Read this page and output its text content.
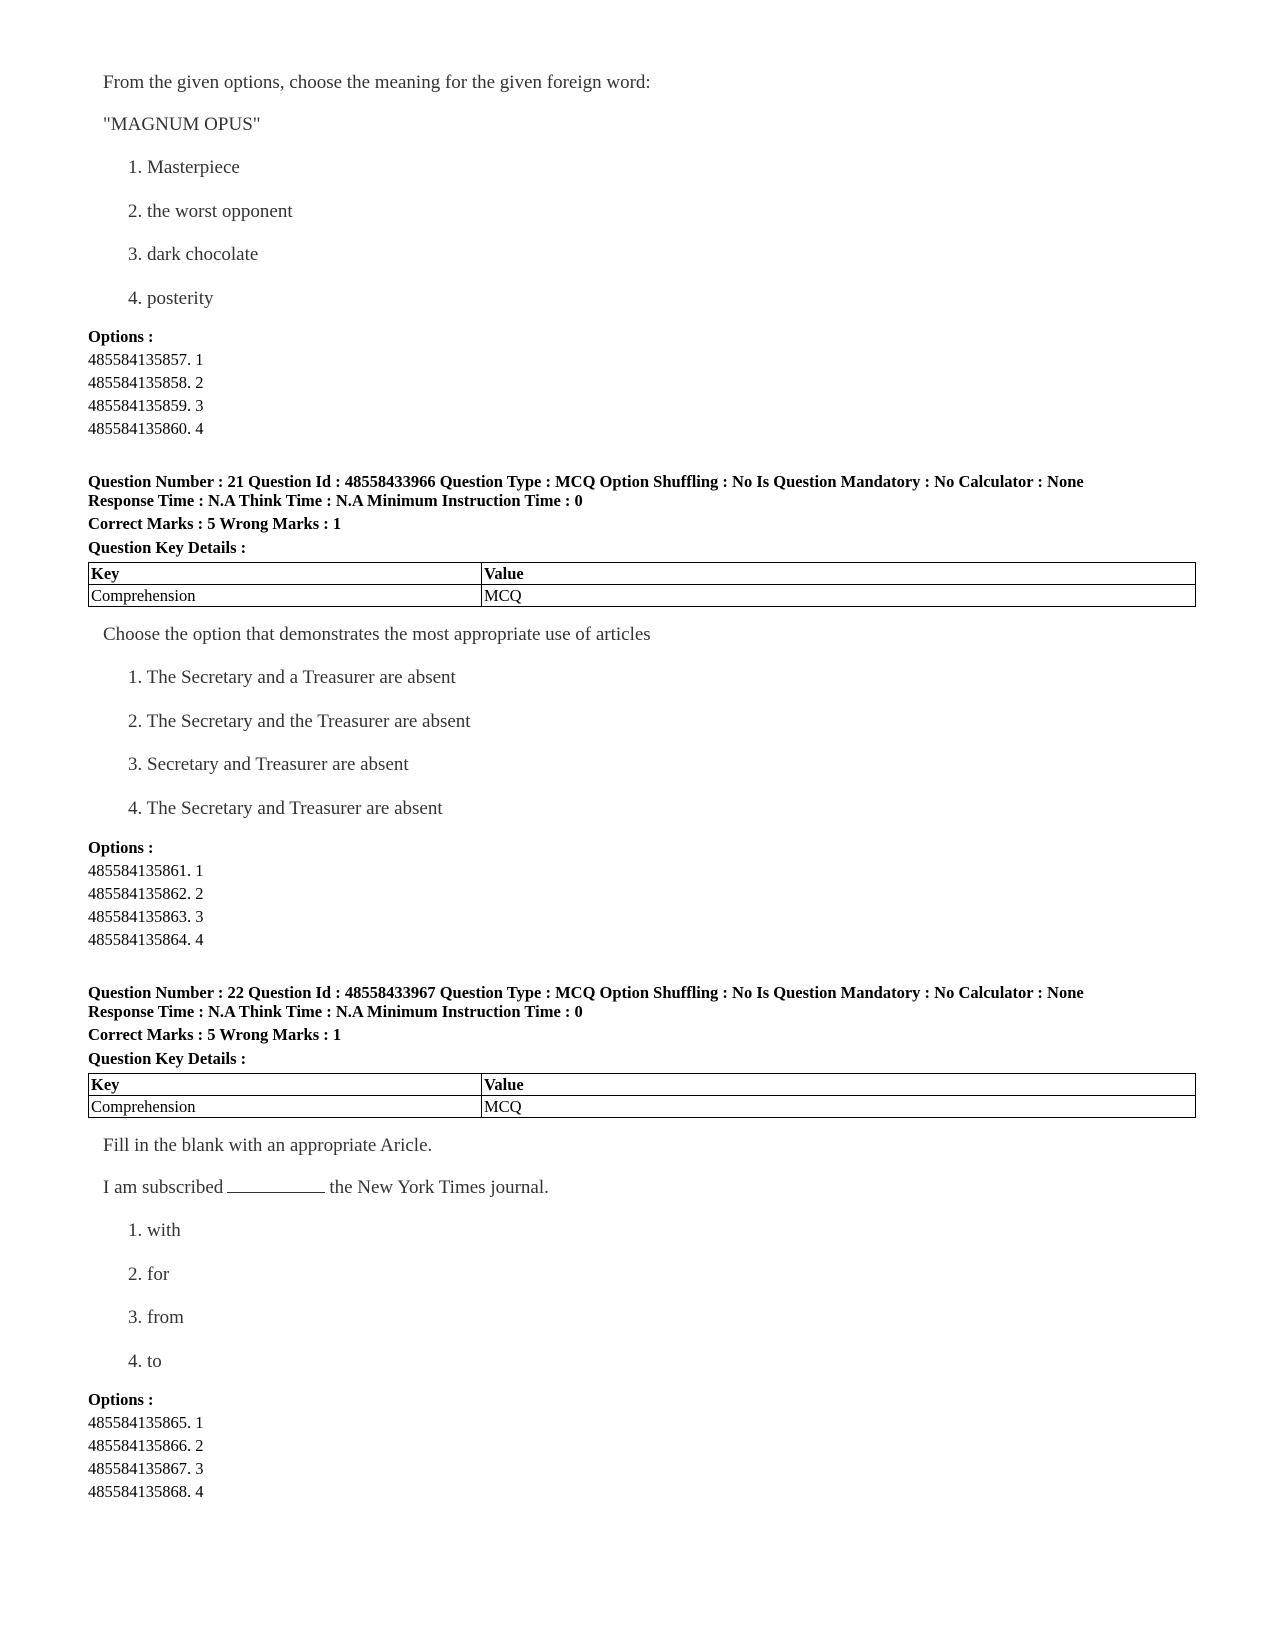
From the given options, choose the meaning for the given foreign word:
"MAGNUM OPUS"
1. Masterpiece
2. the worst opponent
3. dark chocolate
4. posterity
Options :
485584135857. 1
485584135858. 2
485584135859. 3
485584135860. 4
Question Number : 21 Question Id : 48558433966 Question Type : MCQ Option Shuffling : No Is Question Mandatory : No Calculator : None
Response Time : N.A Think Time : N.A Minimum Instruction Time : 0
Correct Marks : 5 Wrong Marks : 1
Question Key Details :
Key	Value
Comprehension	MCQ
Choose the option that demonstrates the most appropriate use of articles
1. The Secretary and a Treasurer are absent
2. The Secretary and the Treasurer are absent
3. Secretary and Treasurer are absent
4. The Secretary and Treasurer are absent
Options :
485584135861. 1
485584135862. 2
485584135863. 3
485584135864. 4
Question Number : 22 Question Id : 48558433967 Question Type : MCQ Option Shuffling : No Is Question Mandatory : No Calculator : None
Response Time : N.A Think Time : N.A Minimum Instruction Time : 0
Correct Marks : 5 Wrong Marks : 1
Question Key Details :
Key	Value
Comprehension	MCQ
Fill in the blank with an appropriate Aricle.
I am subscribed	the New York Times journal.
1. with
2. for
3. from
4. to
Options :
485584135865. 1
485584135866. 2
485584135867. 3
485584135868. 4
